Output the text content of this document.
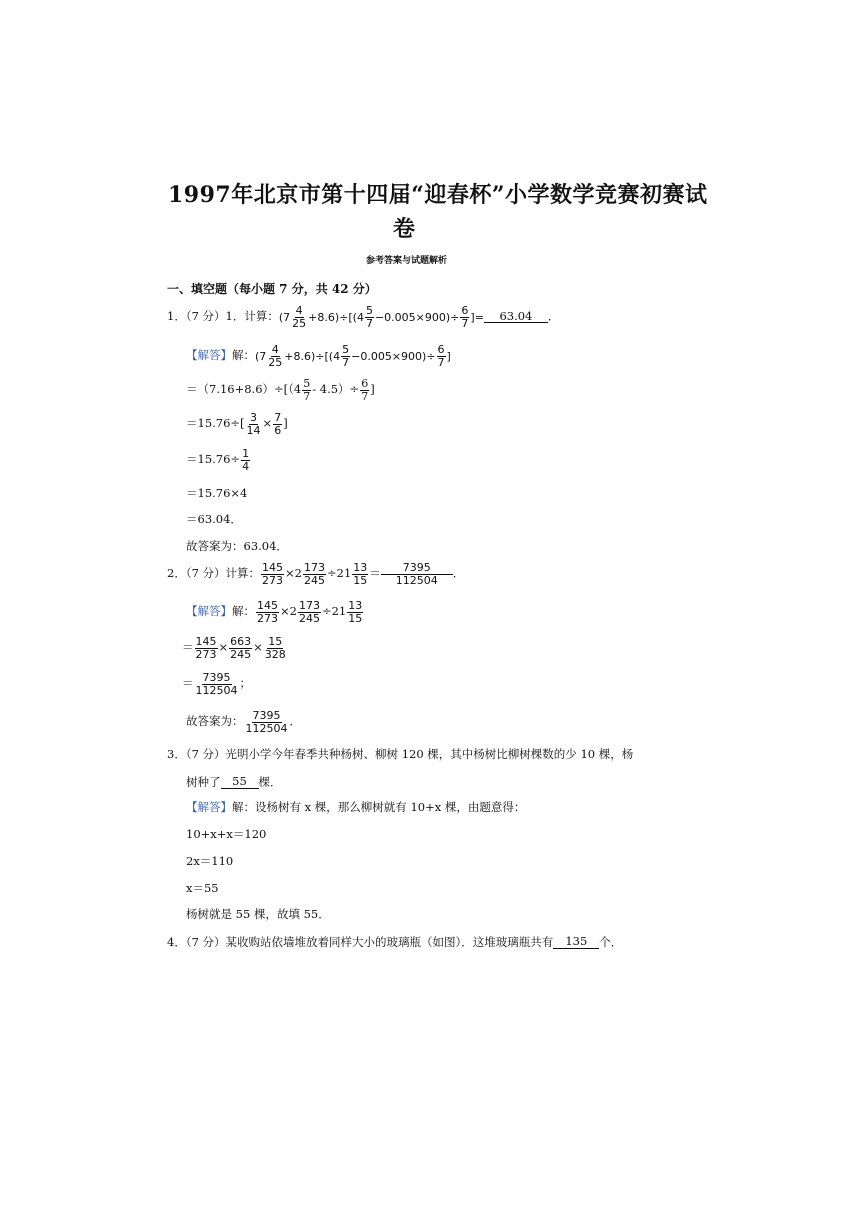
1997年北京市第十四届“迎春杯”小学数学竞赛初赛试
卷
参考答案与试题解析
一、填空题（每小题 7 分，共 42 分）
1．（7 分）1．计算： $(7 \frac{4}{25} +8.6)\div[(4 \frac{5}{7} -0.005\times 900)\div \frac{6}{7}$ ]=	63.04	．
【解答】 解： $(7 \frac{4}{25} +8.6)\div[(4 \frac{5}{7} -0.005\times 900)\div \frac{6}{7}$ ]
$=(7.16+8.6)\div[(4 \frac{5}{7} - 4.5)\div \frac{6}{7}$ ]
$=15.76\div[ \frac{3}{14} \times \frac{7}{6}$ ]
$=15.76\div \frac{1}{4}$
＝15.76×4
＝63.04．
故答案为：63.04．
2．（7 分）计算： $\frac{145}{273} \times 2 \frac{173}{245} \div 21 \frac{13}{15} = \frac{7395}{112504}$ ．
【解答】 解： $\frac{145}{273} \times 2 \frac{173}{245} \div 21 \frac{13}{15}$
＝ $\frac{145}{273} \times \frac{663}{245} \times \frac{15}{328}$
＝ $\frac{7395}{112504}$ ；
故答案为： $\frac{7395}{112504}$ ．
3．（7 分）光明小学今年春季共种杨树、柳树 120 棵，其中杨树比柳树棵数的少 10 棵，杨
树种了	55	棵．
【解答】 解： 设杨树有 x 棵，那么柳树就有 10+x 棵，由题意得：
10+x+x＝120
2x＝110
x＝55
杨树就是 55 棵，故填 55．
4．（7 分）某收购站依墙堆放着同样大小的玻璃瓶（如图）．这堆玻璃瓶共有	135	个．
